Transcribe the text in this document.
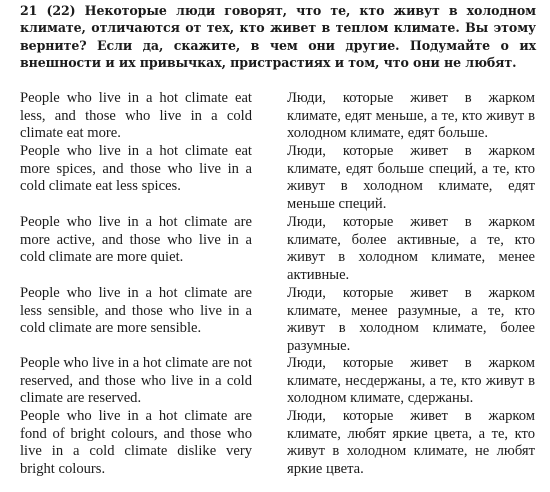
21 (22) Некоторые люди говорят, что те, кто живут в холодном климате, отличаются от тех, кто живет в теплом климате. Вы этому верните? Если да, скажите, в чем они другие. Подумайте о их внешности и их привычках, пристрастиях и том, что они не любят.

People who live in a hot climate eat less, and those who live in a cold climate eat more.

Люди, которые живет в жарком климате, едят меньше, а те, кто живут в холодном климате, едят больше.

People who live in a hot climate eat more spices, and those who live in a cold climate eat less spices.

Люди, которые живет в жарком климате, едят больше специй, а те, кто живут в холодном климате, едят меньше специй.

People who live in a hot climate are more active, and those who live in a cold climate are more quiet.

Люди, которые живет в жарком климате, более активные, а те, кто живут в холодном климате, менее активные.

People who live in a hot climate are less sensible, and those who live in a cold climate are more sensible.

Люди, которые живет в жарком климате, менее разумные, а те, кто живут в холодном климате, более разумные.

People who live in a hot climate are not reserved, and those who live in a cold climate are reserved.

Люди, которые живет в жарком климате, несдержаны, а те, кто живут в холодном климате, сдержаны.

People who live in a hot climate are fond of bright colours, and those who live in a cold climate dislike very bright colours.

Люди, которые живет в жарком климате, любят яркие цвета, а те, кто живут в холодном климате, не любят яркие цвета.
